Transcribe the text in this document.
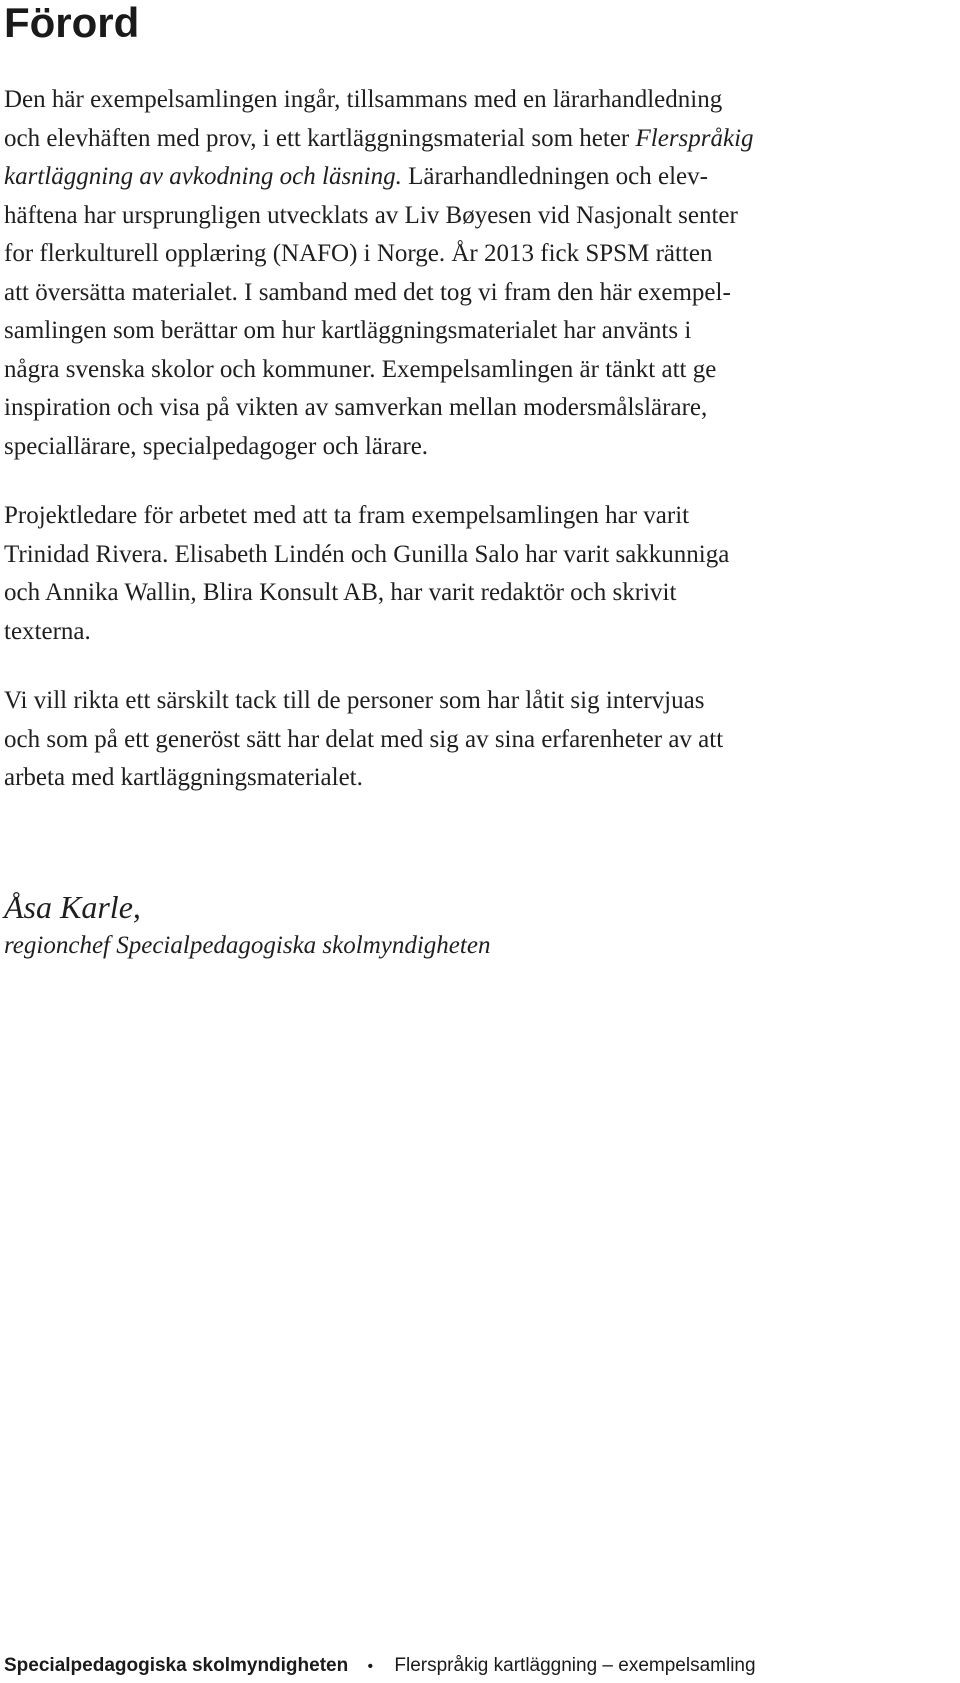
Förord

Den här exempelsamlingen ingår, tillsammans med en lärarhandledning
och elevhäften med prov, i ett kartläggningsmaterial som heter Flerspråkig
kartläggning av avkodning och läsning. Lärarhandledningen och elev-
häftena har ursprungligen utvecklats av Liv Bøyesen vid Nasjonalt senter
for flerkulturell opplæring (NAFO) i Norge. År 2013 fick SPSM rätten
att översätta materialet. I samband med det tog vi fram den här exempel-
samlingen som berättar om hur kartläggningsmaterialet har använts i
några svenska skolor och kommuner. Exempelsamlingen är tänkt att ge
inspiration och visa på vikten av samverkan mellan modersmålslärare,
speciallärare, specialpedagoger och lärare.

Projektledare för arbetet med att ta fram exempelsamlingen har varit
Trinidad Rivera. Elisabeth Lindén och Gunilla Salo har varit sakkunniga
och Annika Wallin, Blira Konsult AB, har varit redaktör och skrivit
texterna.

Vi vill rikta ett särskilt tack till de personer som har låtit sig intervjuas
och som på ett generöst sätt har delat med sig av sina erfarenheter av att
arbeta med kartläggningsmaterialet.

Åsa Karle,
regionchef Specialpedagogiska skolmyndigheten
Specialpedagogiska skolmyndigheten • Flerspråkig kartläggning – exempelsamling
